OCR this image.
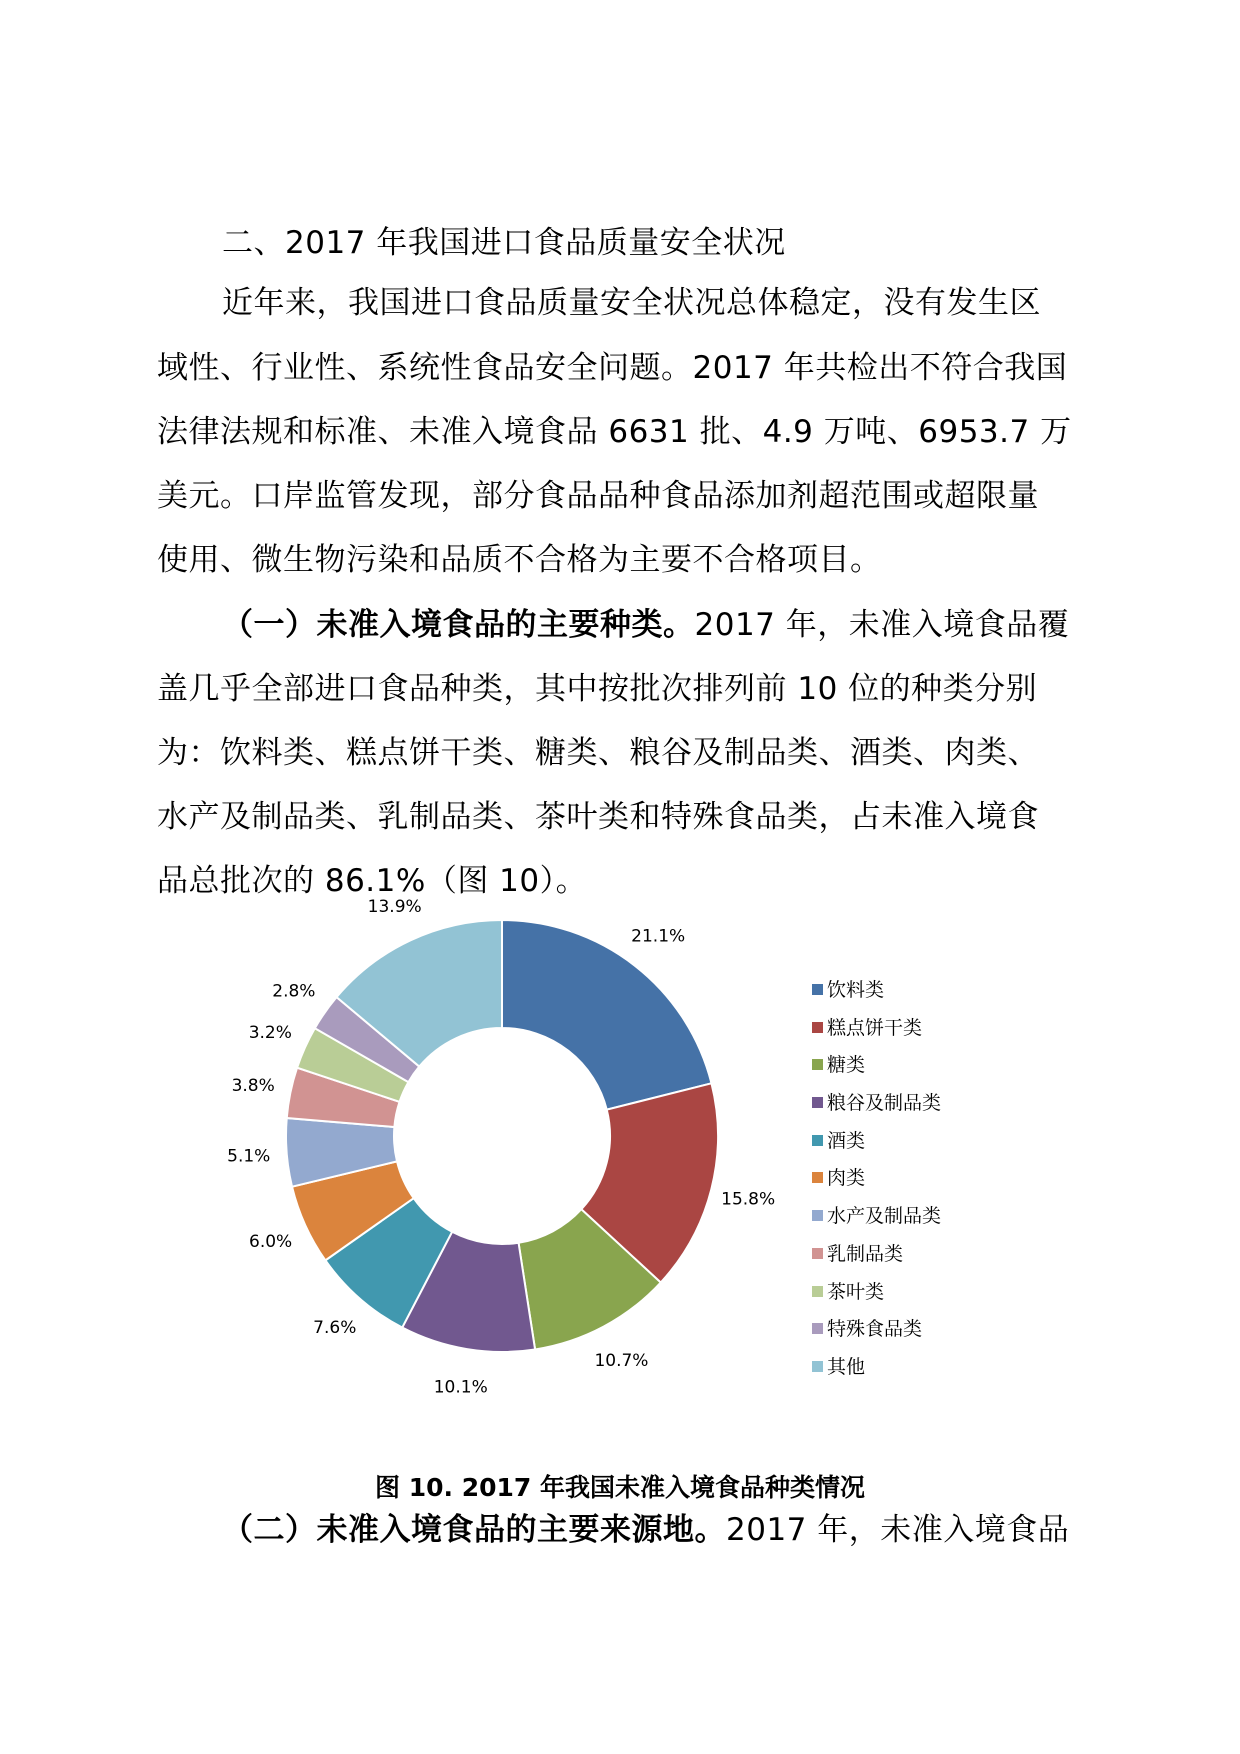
二、2017 年我国进口食品质量安全状况
近年来，我国进口食品质量安全状况总体稳定，没有发生区
域性、行业性、系统性食品安全问题。2017 年共检出不符合我国
法律法规和标准、未准入境食品 6631 批、4.9 万吨、6953.7 万
美元。口岸监管发现，部分食品品种食品添加剂超范围或超限量
使用、微生物污染和品质不合格为主要不合格项目。
（一）未准入境食品的主要种类。2017 年，未准入境食品覆
盖几乎全部进口食品种类，其中按批次排列前 10 位的种类分别
为：饮料类、糕点饼干类、糖类、粮谷及制品类、酒类、肉类、
水产及制品类、乳制品类、茶叶类和特殊食品类，占未准入境食
品总批次的 86.1%（图 10）。
21.1%
15.8%
10.7%
10.1%
7.6%
6.0%
5.1%
3.8%
3.2%
2.8%
13.9%
饮料类
糕点饼干类
糖类
粮谷及制品类
酒类
肉类
水产及制品类
乳制品类
茶叶类
特殊食品类
其他
图 10. 2017 年我国未准入境食品种类情况
（二）未准入境食品的主要来源地。2017 年，未准入境食品
